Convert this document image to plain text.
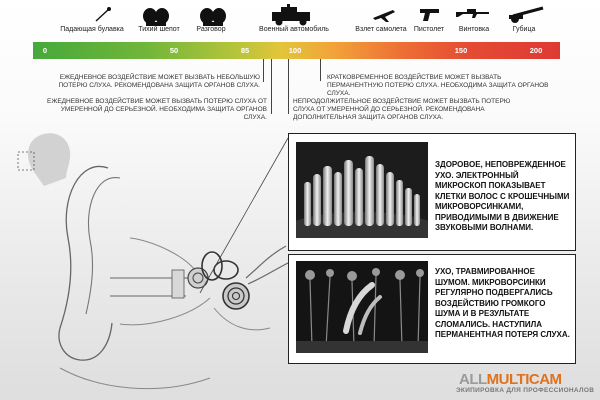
Падающая булавка Тихий шепот Разговор	Военный автомобиль	Взлет самолета Пистолет Винтовка	Губица
0	50	85	100	150	200
ЕЖЕДНЕВНОЕ ВОЗДЕЙСТВИЕ МОЖЕТ ВЫЗВАТЬ НЕБОЛЬШУЮ ПОТЕРЮ СЛУХА. РЕКОМЕНДОВАНА ЗАЩИТА ОРГАНОВ СЛУХА.
ЕЖЕДНЕВНОЕ ВОЗДЕЙСТВИЕ МОЖЕТ ВЫЗВАТЬ ПОТЕРЮ СЛУХА ОТ УМЕРЕННОЙ ДО СЕРЬЕЗНОЙ. НЕОБХОДИМА ЗАЩИТА ОРГАНОВ СЛУХА.
КРАТКОВРЕМЕННОЕ ВОЗДЕЙСТВИЕ МОЖЕТ ВЫЗВАТЬ ПЕРМАНЕНТНУЮ ПОТЕРЮ СЛУХА. НЕОБХОДИМА ЗАЩИТА ОРГАНОВ СЛУХА.
НЕПРОДОЛЖИТЕЛЬНОЕ ВОЗДЕЙСТВИЕ МОЖЕТ ВЫЗВАТЬ ПОТЕРЮ СЛУХА ОТ УМЕРЕННОЙ ДО СЕРЬЕЗНОЙ. РЕКОМЕНДОВАНА ДОПОЛНИТЕЛЬНАЯ ЗАЩИТА ОРГАНОВ СЛУХА.
ЗДОРОВОЕ, НЕПОВРЕЖДЕННОЕ УХО. ЭЛЕКТРОННЫЙ МИКРОСКОП ПОКАЗЫВАЕТ КЛЕТКИ ВОЛОС С КРОШЕЧНЫМИ МИКРОВОРСИНКАМИ, ПРИВОДИМЫМИ В ДВИЖЕНИЕ ЗВУКОВЫМИ ВОЛНАМИ.
УХО, ТРАВМИРОВАННОЕ ШУМОМ. МИКРОВОРСИНКИ РЕГУЛЯРНО ПОДВЕРГАЛИСЬ ВОЗДЕЙСТВИЮ ГРОМКОГО ШУМА И В РЕЗУЛЬТАТЕ СЛОМАЛИСЬ. НАСТУПИЛА ПЕРМАНЕНТНАЯ ПОТЕРЯ СЛУХА.
ALLMULTICAM
ЭКИПИРОВКА ДЛЯ ПРОФЕССИОНАЛОВ
